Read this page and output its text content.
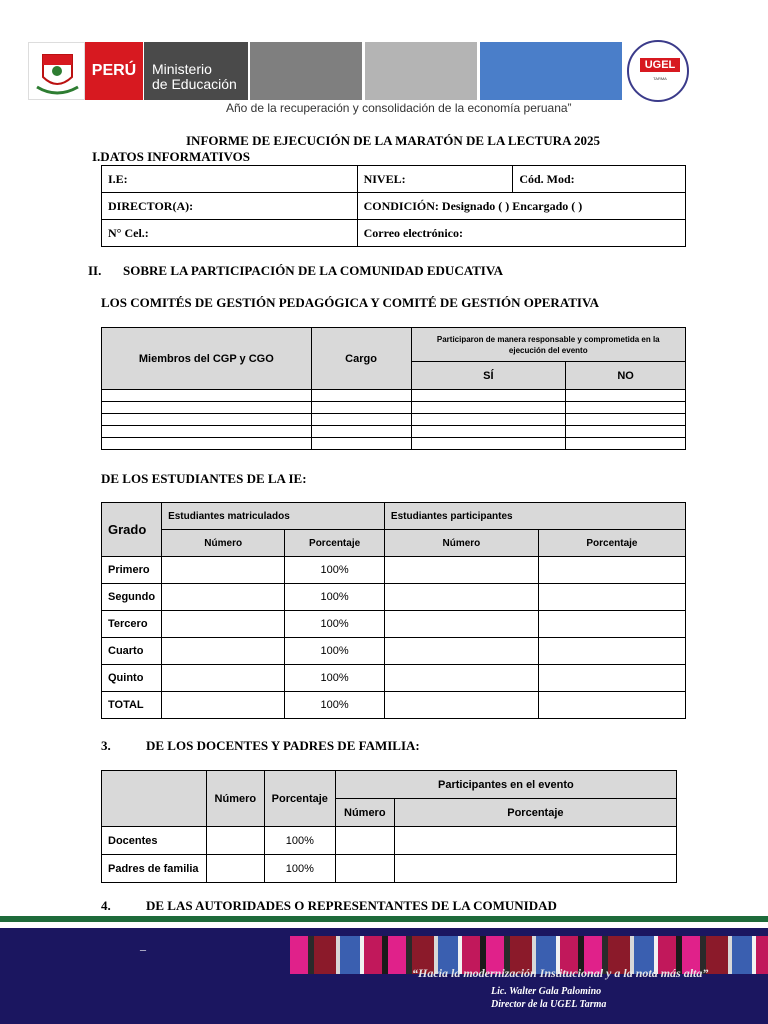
PERÚ	Ministerio
de Educación
UGEL
TARMA
Año de la recuperación y consolidación de la economía peruana”
INFORME DE EJECUCIÓN DE LA MARATÓN DE LA LECTURA 2025
I.DATOS INFORMATIVOS
I.E:	NIVEL:	Cód. Mod:
DIRECTOR(A):	CONDICIÓN: Designado ( ) Encargado ( )	
N° Cel.:	Correo electrónico:	
II. SOBRE LA PARTICIPACIÓN DE LA COMUNIDAD EDUCATIVA
LOS COMITÉS DE GESTIÓN PEDAGÓGICA Y COMITÉ DE GESTIÓN OPERATIVA
Miembros del CGP y CGO	Cargo	Participaron de manera responsable y comprometida en la ejecución del evento	
		SÍ	NO

DE LOS ESTUDIANTES DE LA IE:
Grado	Estudiantes matriculados		Estudiantes participantes	
	Número	Porcentaje	Número	Porcentaje
Primero		100%		
Segundo		100%		
Tercero		100%		
Cuarto		100%		
Quinto		100%		
TOTAL		100%		
3.	DE LOS DOCENTES Y PADRES DE FAMILIA:
	Número	Porcentaje	Participantes en el evento	
			Número	Porcentaje
Docentes		100%		
Padres de familia		100%		
4.	DE LAS AUTORIDADES O REPRESENTANTES DE LA COMUNIDAD
–
“Hacia la modernización Institucional y a la nota más alta”
Lic. Walter Gala Palomino
Director de la UGEL Tarma
